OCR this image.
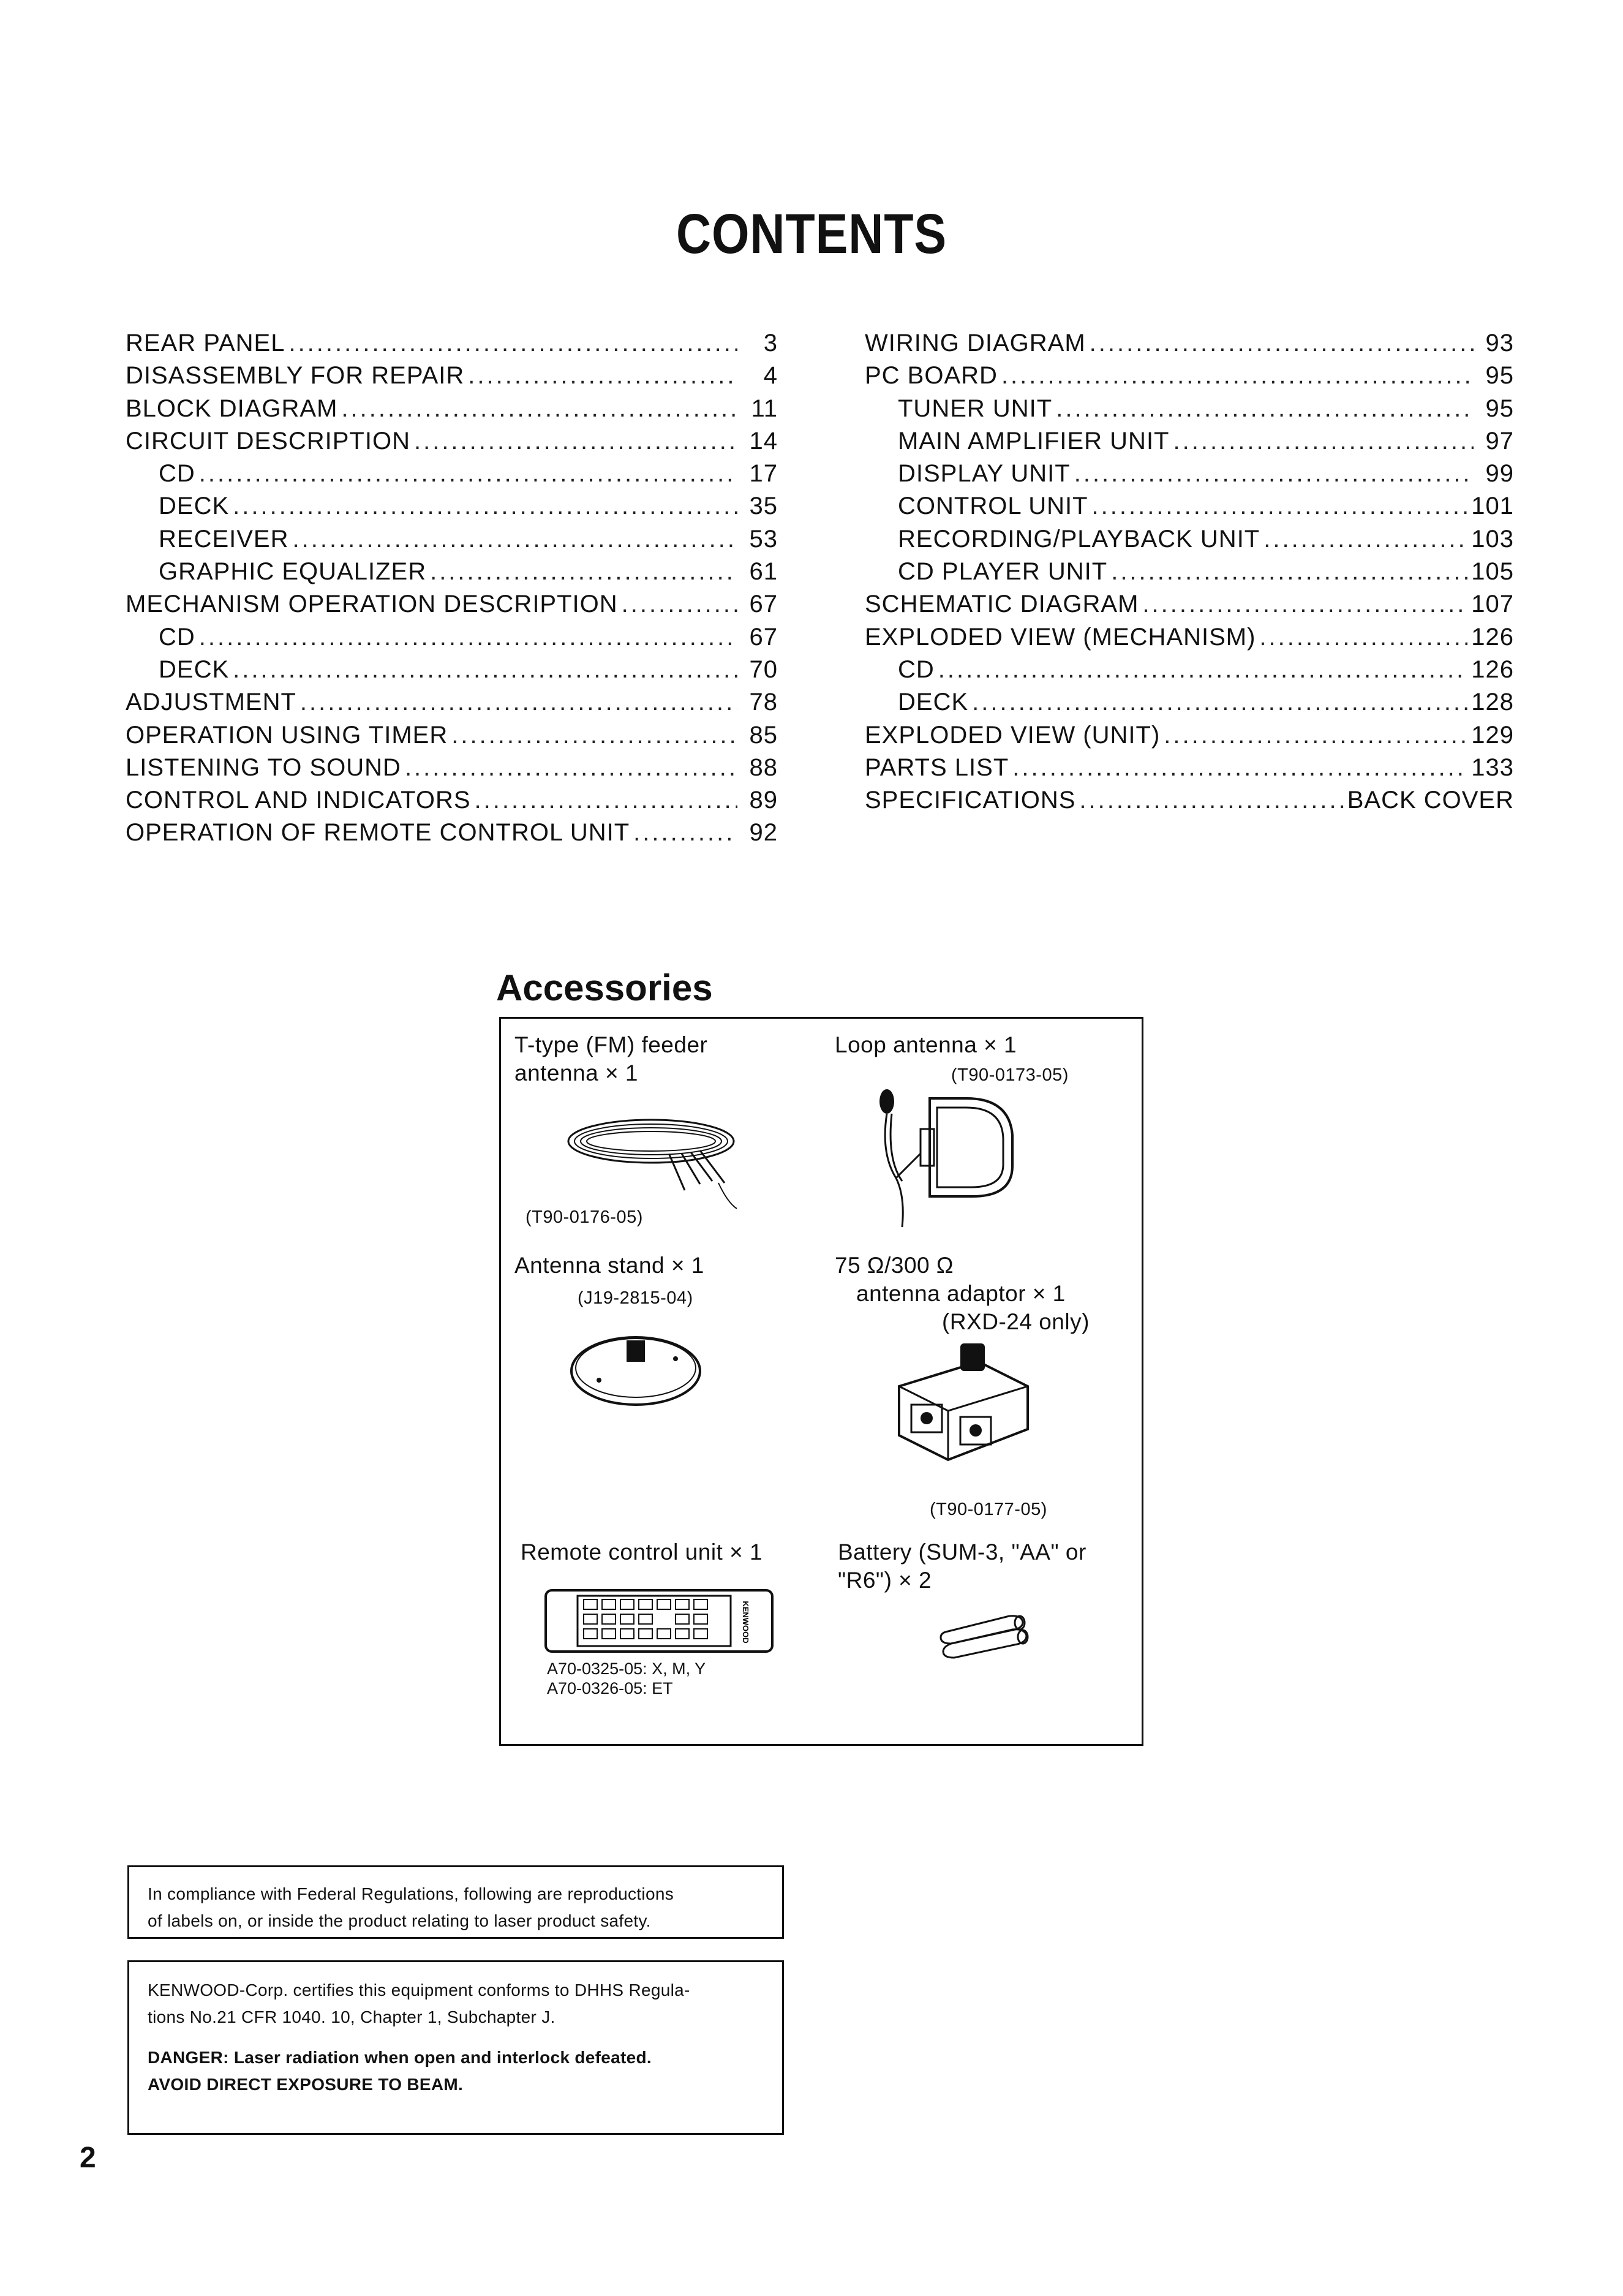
CONTENTS
REAR PANEL .....	3
DISASSEMBLY FOR REPAIR .....	4
BLOCK DIAGRAM .....	11
CIRCUIT DESCRIPTION .....	14
CD .....	17
DECK .....	35
RECEIVER .....	53
GRAPHIC EQUALIZER .....	61
MECHANISM OPERATION DESCRIPTION .....	67
CD .....	67
DECK .....	70
ADJUSTMENT .....	78
OPERATION USING TIMER .....	85
LISTENING TO SOUND .....	88
CONTROL AND INDICATORS .....	89
OPERATION OF REMOTE CONTROL UNIT .....	92
WIRING DIAGRAM .....	93
PC BOARD .....	95
TUNER UNIT .....	95
MAIN AMPLIFIER UNIT .....	97
DISPLAY UNIT .....	99
CONTROL UNIT .....	101
RECORDING/PLAYBACK UNIT .....	103
CD PLAYER UNIT .....	105
SCHEMATIC DIAGRAM .....	107
EXPLODED VIEW (MECHANISM) .....	126
CD .....	126
DECK .....	128
EXPLODED VIEW (UNIT) .....	129
PARTS LIST .....	133
SPECIFICATIONS .....	BACK COVER
Accessories
T-type (FM) feeder
antenna × 1
(T90-0176-05)
Loop antenna × 1
(T90-0173-05)
Antenna stand × 1
(J19-2815-04)
75 Ω/300 Ω
antenna adaptor × 1
(RXD-24 only)
(T90-0177-05)
Remote control unit × 1
KENWOOD
A70-0325-05: X, M, Y
A70-0326-05: ET
Battery (SUM-3, "AA" or
"R6") × 2
In compliance with Federal Regulations, following are reproductions
of labels on, or inside the product relating to laser product safety.
KENWOOD-Corp. certifies this equipment conforms to DHHS Regula-
tions No.21 CFR 1040. 10, Chapter 1, Subchapter J.
DANGER: Laser radiation when open and interlock defeated.
AVOID DIRECT EXPOSURE TO BEAM.
2
